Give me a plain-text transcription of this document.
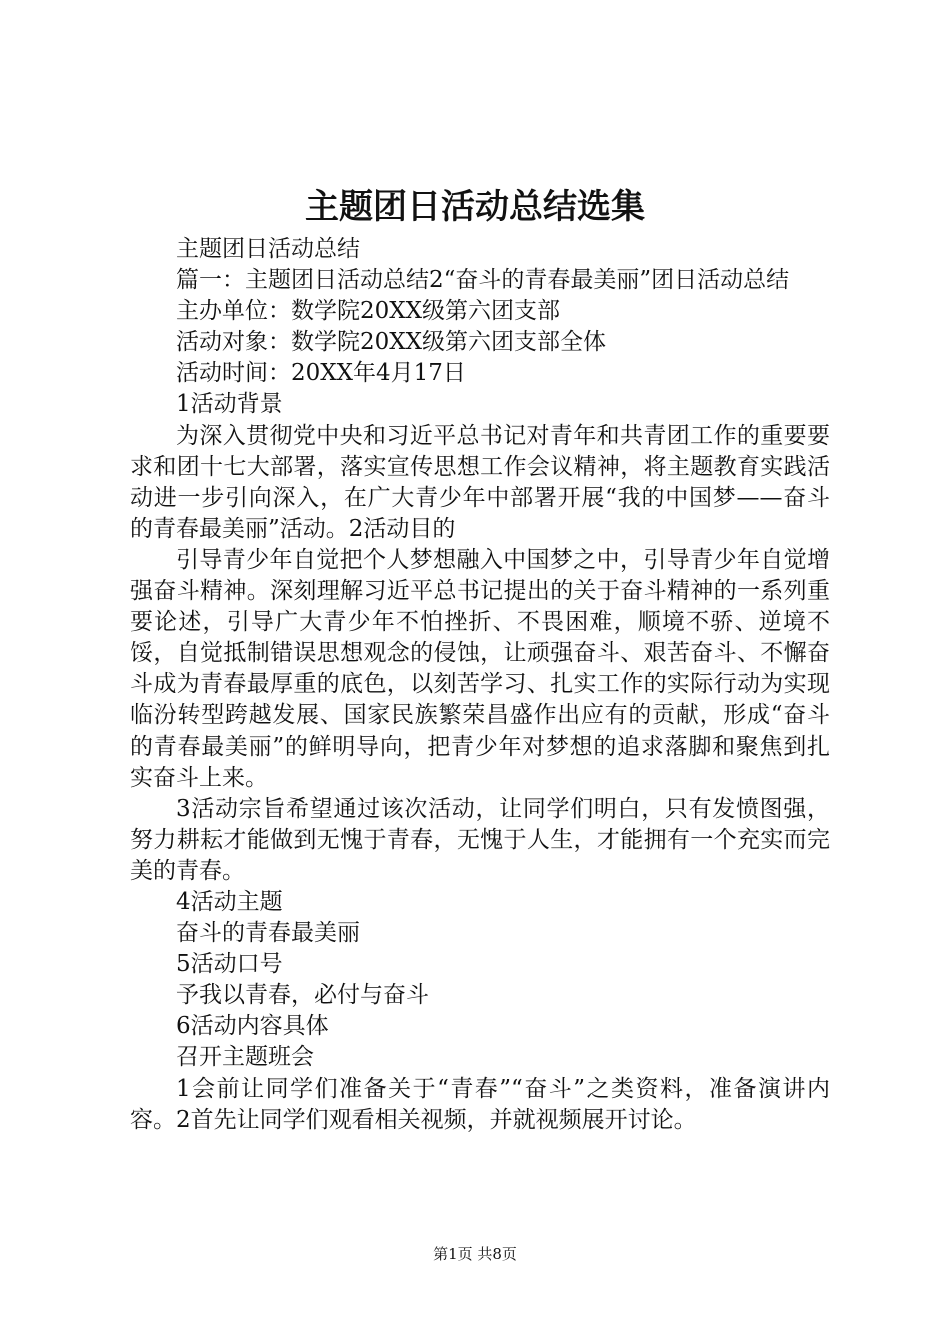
主题团日活动总结选集

主题团日活动总结

篇一：主题团日活动总结2“奋斗的青春最美丽”团日活动总结

主办单位：数学院20XX级第六团支部

活动对象：数学院20XX级第六团支部全体

活动时间：20XX年4月17日

1活动背景

为深入贯彻党中央和习近平总书记对青年和共青团工作的重要要求和团十七大部署，落实宣传思想工作会议精神，将主题教育实践活动进一步引向深入，在广大青少年中部署开展“我的中国梦——奋斗的青春最美丽”活动。2活动目的

引导青少年自觉把个人梦想融入中国梦之中，引导青少年自觉增强奋斗精神。深刻理解习近平总书记提出的关于奋斗精神的一系列重要论述，引导广大青少年不怕挫折、不畏困难，顺境不骄、逆境不馁，自觉抵制错误思想观念的侵蚀，让顽强奋斗、艰苦奋斗、不懈奋斗成为青春最厚重的底色，以刻苦学习、扎实工作的实际行动为实现临汾转型跨越发展、国家民族繁荣昌盛作出应有的贡献，形成“奋斗的青春最美丽”的鲜明导向，把青少年对梦想的追求落脚和聚焦到扎实奋斗上来。

3活动宗旨希望通过该次活动，让同学们明白，只有发愤图强，努力耕耘才能做到无愧于青春，无愧于人生，才能拥有一个充实而完美的青春。

4活动主题

奋斗的青春最美丽

5活动口号

予我以青春，必付与奋斗

6活动内容具体

召开主题班会

1会前让同学们准备关于“青春”“奋斗”之类资料，准备演讲内容。2首先让同学们观看相关视频，并就视频展开讨论。

第1页 共8页
